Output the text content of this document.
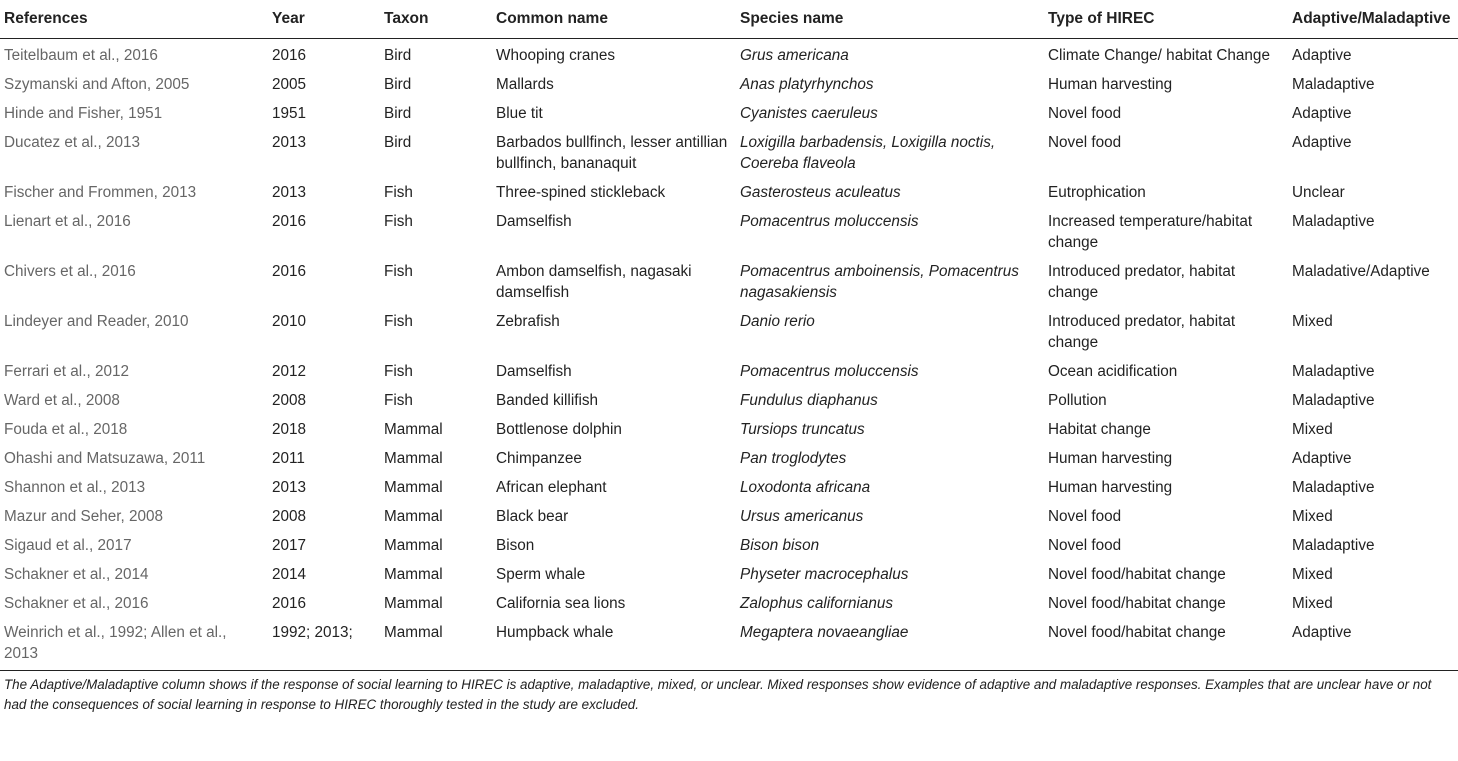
References	Year	Taxon	Common name	Species name	Type of HIREC	Adaptive/Maladaptive
Teitelbaum et al., 2016	2016	Bird	Whooping cranes	Grus americana	Climate Change/ habitat Change	Adaptive
Szymanski and Afton, 2005	2005	Bird	Mallards	Anas platyrhynchos	Human harvesting	Maladaptive
Hinde and Fisher, 1951	1951	Bird	Blue tit	Cyanistes caeruleus	Novel food	Adaptive
Ducatez et al., 2013	2013	Bird	Barbados bullfinch, lesser antillian bullfinch, bananaquit	Loxigilla barbadensis, Loxigilla noctis, Coereba flaveola	Novel food	Adaptive
Fischer and Frommen, 2013	2013	Fish	Three-spined stickleback	Gasterosteus aculeatus	Eutrophication	Unclear
Lienart et al., 2016	2016	Fish	Damselfish	Pomacentrus moluccensis	Increased temperature/habitat change	Maladaptive
Chivers et al., 2016	2016	Fish	Ambon damselfish, nagasaki damselfish	Pomacentrus amboinensis, Pomacentrus nagasakiensis	Introduced predator, habitat change	Maladative/Adaptive
Lindeyer and Reader, 2010	2010	Fish	Zebrafish	Danio rerio	Introduced predator, habitat change	Mixed
Ferrari et al., 2012	2012	Fish	Damselfish	Pomacentrus moluccensis	Ocean acidification	Maladaptive
Ward et al., 2008	2008	Fish	Banded killifish	Fundulus diaphanus	Pollution	Maladaptive
Fouda et al., 2018	2018	Mammal	Bottlenose dolphin	Tursiops truncatus	Habitat change	Mixed
Ohashi and Matsuzawa, 2011	2011	Mammal	Chimpanzee	Pan troglodytes	Human harvesting	Adaptive
Shannon et al., 2013	2013	Mammal	African elephant	Loxodonta africana	Human harvesting	Maladaptive
Mazur and Seher, 2008	2008	Mammal	Black bear	Ursus americanus	Novel food	Mixed
Sigaud et al., 2017	2017	Mammal	Bison	Bison bison	Novel food	Maladaptive
Schakner et al., 2014	2014	Mammal	Sperm whale	Physeter macrocephalus	Novel food/habitat change	Mixed
Schakner et al., 2016	2016	Mammal	California sea lions	Zalophus californianus	Novel food/habitat change	Mixed
Weinrich et al., 1992; Allen et al., 2013	1992; 2013;	Mammal	Humpback whale	Megaptera novaeangliae	Novel food/habitat change	Adaptive
The Adaptive/Maladaptive column shows if the response of social learning to HIREC is adaptive, maladaptive, mixed, or unclear. Mixed responses show evidence of adaptive and maladaptive responses. Examples that are unclear have or not had the consequences of social learning in response to HIREC thoroughly tested in the study are excluded.
